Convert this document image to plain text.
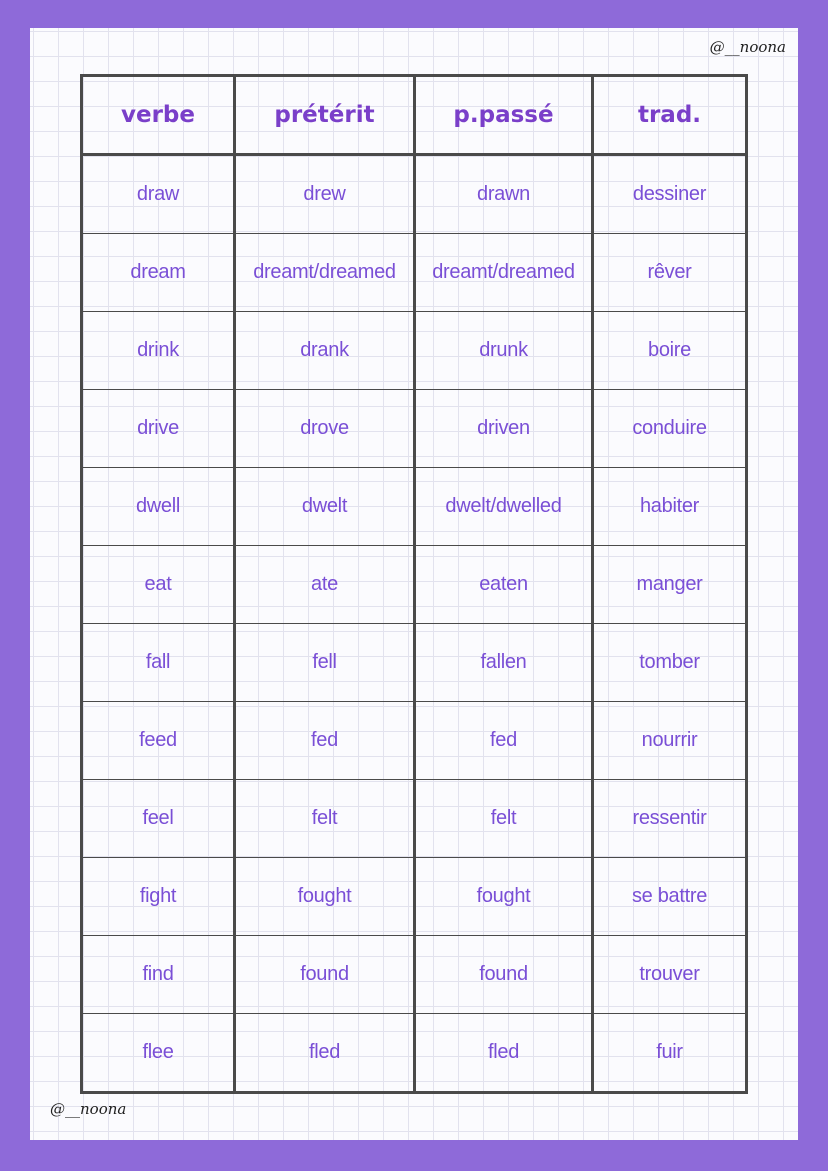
@__noona
verbe	prétérit	p.passé	trad.
draw	drew	drawn	dessiner
dream	dreamt/dreamed	dreamt/dreamed	rêver
drink	drank	drunk	boire
drive	drove	driven	conduire
dwell	dwelt	dwelt/dwelled	habiter
eat	ate	eaten	manger
fall	fell	fallen	tomber
feed	fed	fed	nourrir
feel	felt	felt	ressentir
fight	fought	fought	se battre
find	found	found	trouver
flee	fled	fled	fuir
@__noona
